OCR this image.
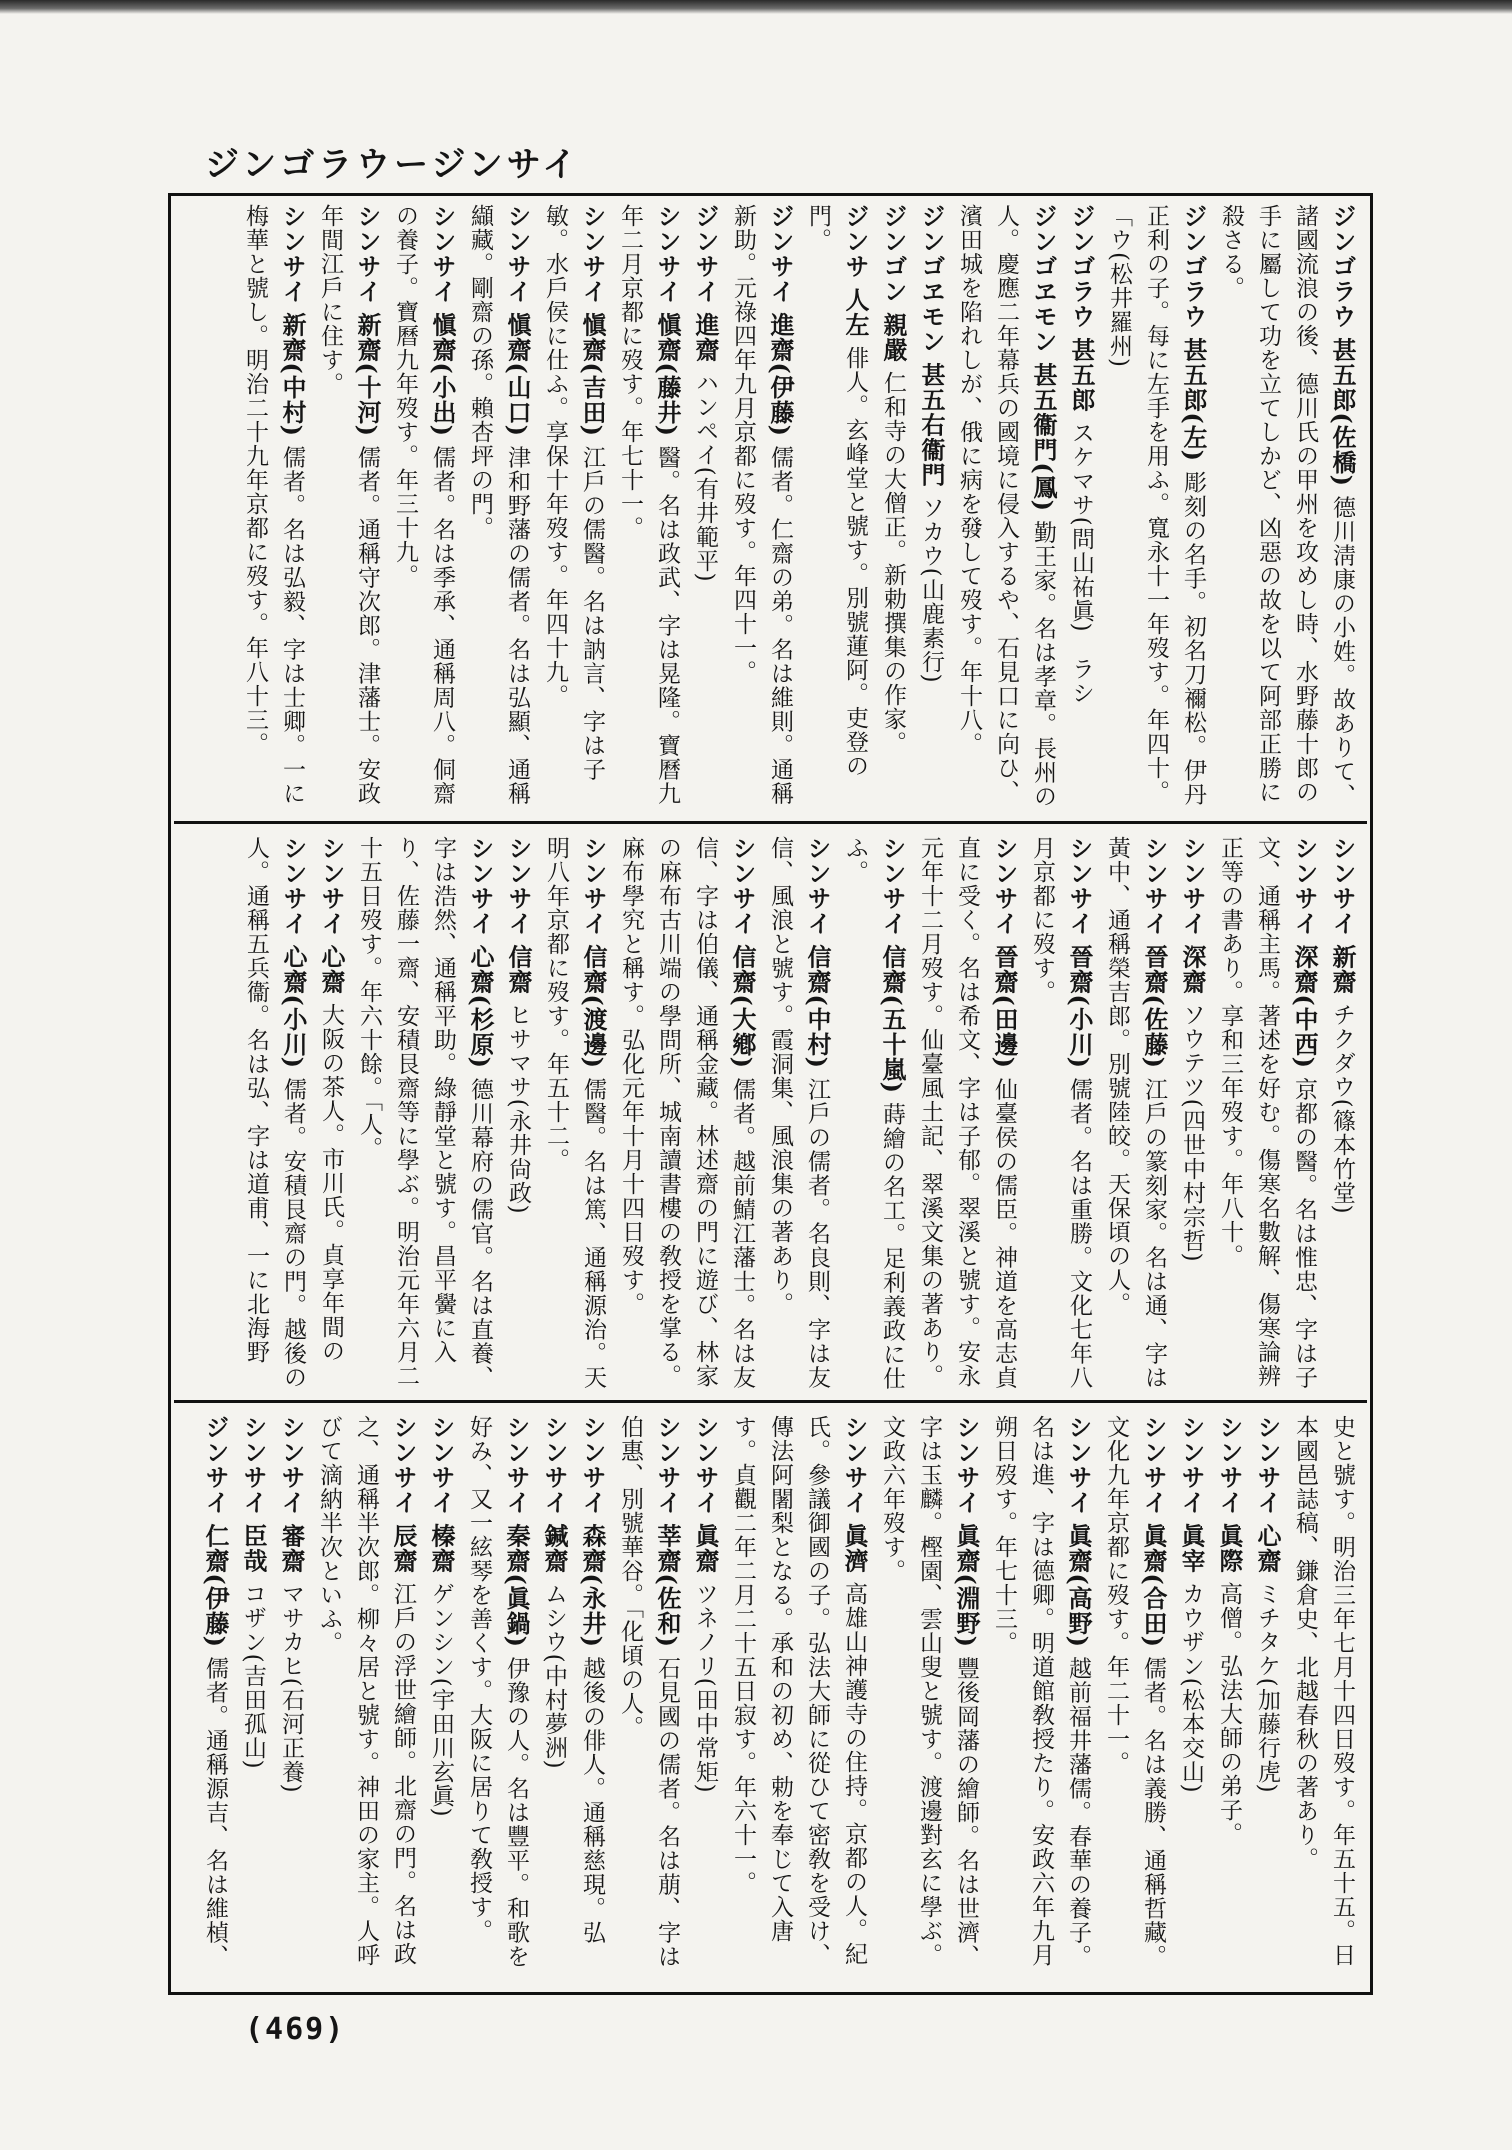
ジンゴラウージンサイ

ジンゴラウ 甚五郎(佐橋) 德川淸康の小姓。故ありて、諸國流浪の後、德川氏の甲州を攻めし時、水野藤十郎の手に屬して功を立てしかど、凶惡の故を以て阿部正勝に殺さる。

ジンゴラウ 甚五郎(左) 彫刻の名手。初名刀禰松。伊丹正利の子。每に左手を用ふ。寬永十一年歿す。年四十。「ウ(松井羅州)

ジンゴラウ 甚五郎 スケマサ(問山祐眞)　ラシ

ジンゴヱモン 甚五衞門(鳳) 勤王家。名は孝章。長州の人。慶應二年幕兵の國境に侵入するや、石見口に向ひ、濱田城を陷れしが、俄に病を發して歿す。年十八。

ジンゴヱモン 甚五右衞門 ソカウ(山鹿素行)

ジンゴン 親嚴 仁和寺の大僧正。新勅撰集の作家。

ジンサ 人左 俳人。玄峰堂と號す。別號蓮阿。吏登の門。

ジンサイ 進齋(伊藤) 儒者。仁齋の弟。名は維則。通稱新助。元祿四年九月京都に歿す。年四十一。

ジンサイ 進齋 ハンペイ(有井範平)

シンサイ 愼齋(藤井) 醫。名は政武、字は晃隆。寶曆九年二月京都に歿す。年七十一。

シンサイ 愼齋(吉田) 江戶の儒醫。名は訥言、字は子敏。水戶侯に仕ふ。享保十年歿す。年四十九。

シンサイ 愼齋(山口) 津和野藩の儒者。名は弘顯、通稱纈藏。剛齋の孫。賴杏坪の門。

シンサイ 愼齋(小出) 儒者。名は季承、通稱周八。侗齋の養子。寶曆九年歿す。年三十九。

シンサイ 新齋(十河) 儒者。通稱守次郎。津藩士。安政年間江戶に住す。

シンサイ 新齋(中村) 儒者。名は弘毅、字は士卿。一に梅華と號し。明治二十九年京都に歿す。年八十三。

シンサイ 新齋 チクダウ(篠本竹堂)

シンサイ 深齋(中西) 京都の醫。名は惟忠、字は子文、通稱主馬。著述を好む。傷寒名數解、傷寒論辨正等の書あり。享和三年歿す。年八十。

シンサイ 深齋 ソウテツ(四世中村宗哲)

シンサイ 晉齋(佐藤) 江戶の篆刻家。名は通、字は黃中、通稱榮吉郎。別號陸皎。天保頃の人。

シンサイ 晉齋(小川) 儒者。名は重勝。文化七年八月京都に歿す。

シンサイ 晉齋(田邊) 仙臺侯の儒臣。神道を高志貞直に受く。名は希文、字は子郁。翠溪と號す。安永元年十二月歿す。仙臺風土記、翠溪文集の著あり。

シンサイ 信齋(五十嵐) 蒔繪の名工。足利義政に仕ふ。

シンサイ 信齋(中村) 江戶の儒者。名良則、字は友信、風浪と號す。霞洞集、風浪集の著あり。

シンサイ 信齋(大鄕) 儒者。越前鯖江藩士。名は友信、字は伯儀、通稱金藏。林述齋の門に遊び、林家の麻布古川端の學問所、城南讀書樓の敎授を掌る。麻布學究と稱す。弘化元年十月十四日歿す。

シンサイ 信齋(渡邊) 儒醫。名は篤、通稱源治。天明八年京都に歿す。年五十二。

シンサイ 信齋 ヒサマサ(永井尙政)

シンサイ 心齋(杉原) 德川幕府の儒官。名は直養、字は浩然、通稱平助。綠靜堂と號す。昌平黌に入り、佐藤一齋、安積艮齋等に學ぶ。明治元年六月二十五日歿す。年六十餘。「人。

シンサイ 心齋 大阪の茶人。市川氏。貞享年間の

シンサイ 心齋(小川) 儒者。安積艮齋の門。越後の人。通稱五兵衞。名は弘、字は道甫、一に北海野

史と號す。明治三年七月十四日歿す。年五十五。日本國邑誌稿、鎌倉史、北越春秋の著あり。

シンサイ 心齋 ミチタケ(加藤行虎)

シンサイ 眞際 高僧。弘法大師の弟子。

シンサイ 眞宰 カウザン(松本交山)

シンサイ 眞齋(合田) 儒者。名は義勝、通稱哲藏。文化九年京都に歿す。年二十一。

シンサイ 眞齋(高野) 越前福井藩儒。春華の養子。名は進、字は德卿。明道館敎授たり。安政六年九月朔日歿す。年七十三。

シンサイ 眞齋(淵野) 豐後岡藩の繪師。名は世濟、字は玉麟。樫園、雲山叟と號す。渡邊對玄に學ぶ。文政六年歿す。

シンサイ 眞濟 高雄山神護寺の住持。京都の人。紀氏。參議御國の子。弘法大師に從ひて密敎を受け、傳法阿闍梨となる。承和の初め、勅を奉じて入唐す。貞觀二年二月二十五日寂す。年六十一。

シンサイ 眞齋 ツネノリ(田中常矩)

シンサイ 莘齋(佐和) 石見國の儒者。名は萠、字は伯惠、別號華谷。「化頃の人。

シンサイ 森齋(永井) 越後の俳人。通稱慈現。弘

シンサイ 鍼齋 ムシウ(中村夢洲)

シンサイ 秦齋(眞鍋) 伊豫の人。名は豐平。和歌を好み、又一絃琴を善くす。大阪に居りて敎授す。

シンサイ 榛齋 ゲンシン(宇田川玄眞)

シンサイ 辰齋 江戶の浮世繪師。北齋の門。名は政之、通稱半次郎。柳々居と號す。神田の家主。人呼びて滴納半次といふ。

シンサイ 審齋 マサカヒ(石河正養)

シンサイ 臣哉 コザン(吉田孤山)

ジンサイ 仁齋(伊藤) 儒者。通稱源吉、名は維楨、

(469)
